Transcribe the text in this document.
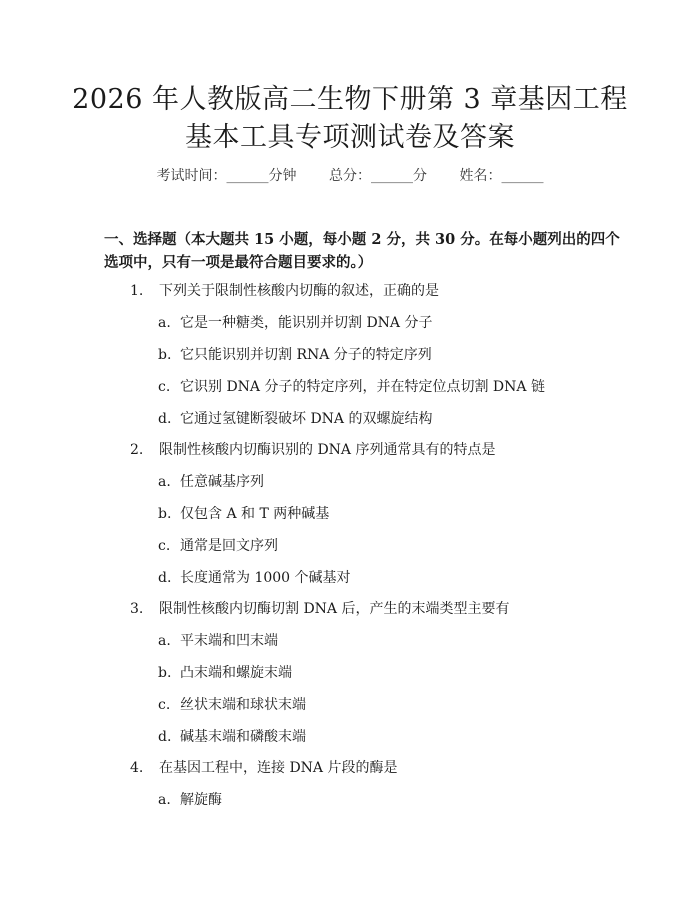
2026 年人教版高二生物下册第 3 章基因工程
基本工具专项测试卷及答案
考试时间：______分钟 总分：______分 姓名：______
一、选择题（本大题共 15 小题，每小题 2 分，共 30 分。在每小题列出的四个选项中，只有一项是最符合题目要求的。）
1. 下列关于限制性核酸内切酶的叙述，正确的是
a. 它是一种糖类，能识别并切割 DNA 分子
b. 它只能识别并切割 RNA 分子的特定序列
c. 它识别 DNA 分子的特定序列，并在特定位点切割 DNA 链
d. 它通过氢键断裂破坏 DNA 的双螺旋结构
2. 限制性核酸内切酶识别的 DNA 序列通常具有的特点是
a. 任意碱基序列
b. 仅包含 A 和 T 两种碱基
c. 通常是回文序列
d. 长度通常为 1000 个碱基对
3. 限制性核酸内切酶切割 DNA 后，产生的末端类型主要有
a. 平末端和凹末端
b. 凸末端和螺旋末端
c. 丝状末端和球状末端
d. 碱基末端和磷酸末端
4. 在基因工程中，连接 DNA 片段的酶是
a. 解旋酶
